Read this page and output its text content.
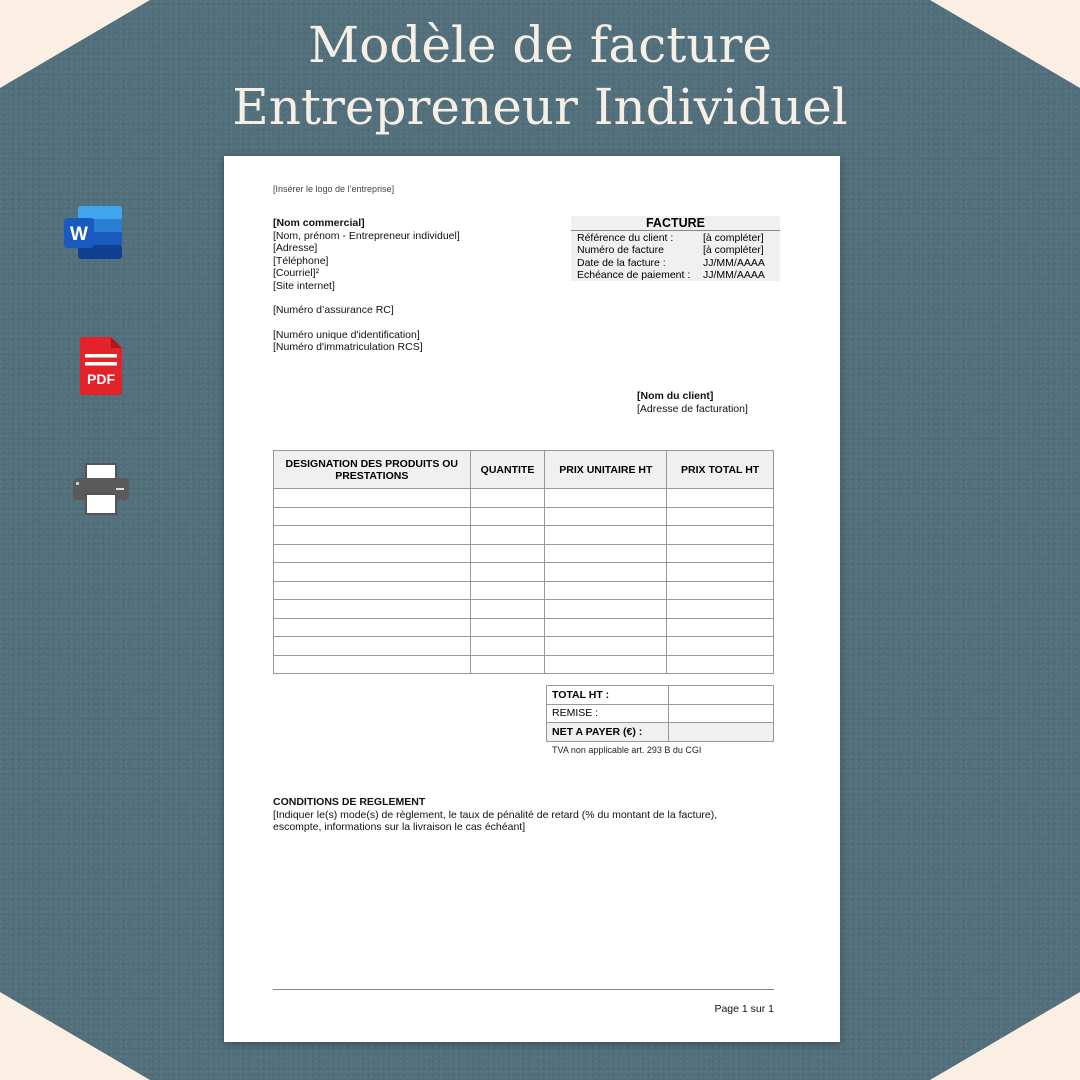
Modèle de facture
Entrepreneur Individuel
W
PDF
[Insérer le logo de l’entreprise]
[Nom commercial]
[Nom, prénom - Entrepreneur individuel]
[Adresse]
[Téléphone]
[Courriel]²
[Site internet]
[Numéro d’assurance RC]
[Numéro unique d'identification]
[Numéro d'immatriculation RCS]
FACTURE
Référence du client :	[à compléter]
Numéro de facture	[à compléter]
Date de la facture :	JJ/MM/AAAA
Echéance de paiement : JJ/MM/AAAA
[Nom du client]
[Adresse de facturation]
DESIGNATION DES PRODUITS OU PRESTATIONS	QUANTITE	PRIX UNITAIRE HT	PRIX TOTAL HT

TOTAL HT :	
REMISE :	
NET A PAYER (€) :	
TVA non applicable art. 293 B du CGI
CONDITIONS DE REGLEMENT
[Indiquer le(s) mode(s) de règlement, le taux de pénalité de retard (% du montant de la facture),
escompte, informations sur la livraison le cas échéant]
Page 1 sur 1
